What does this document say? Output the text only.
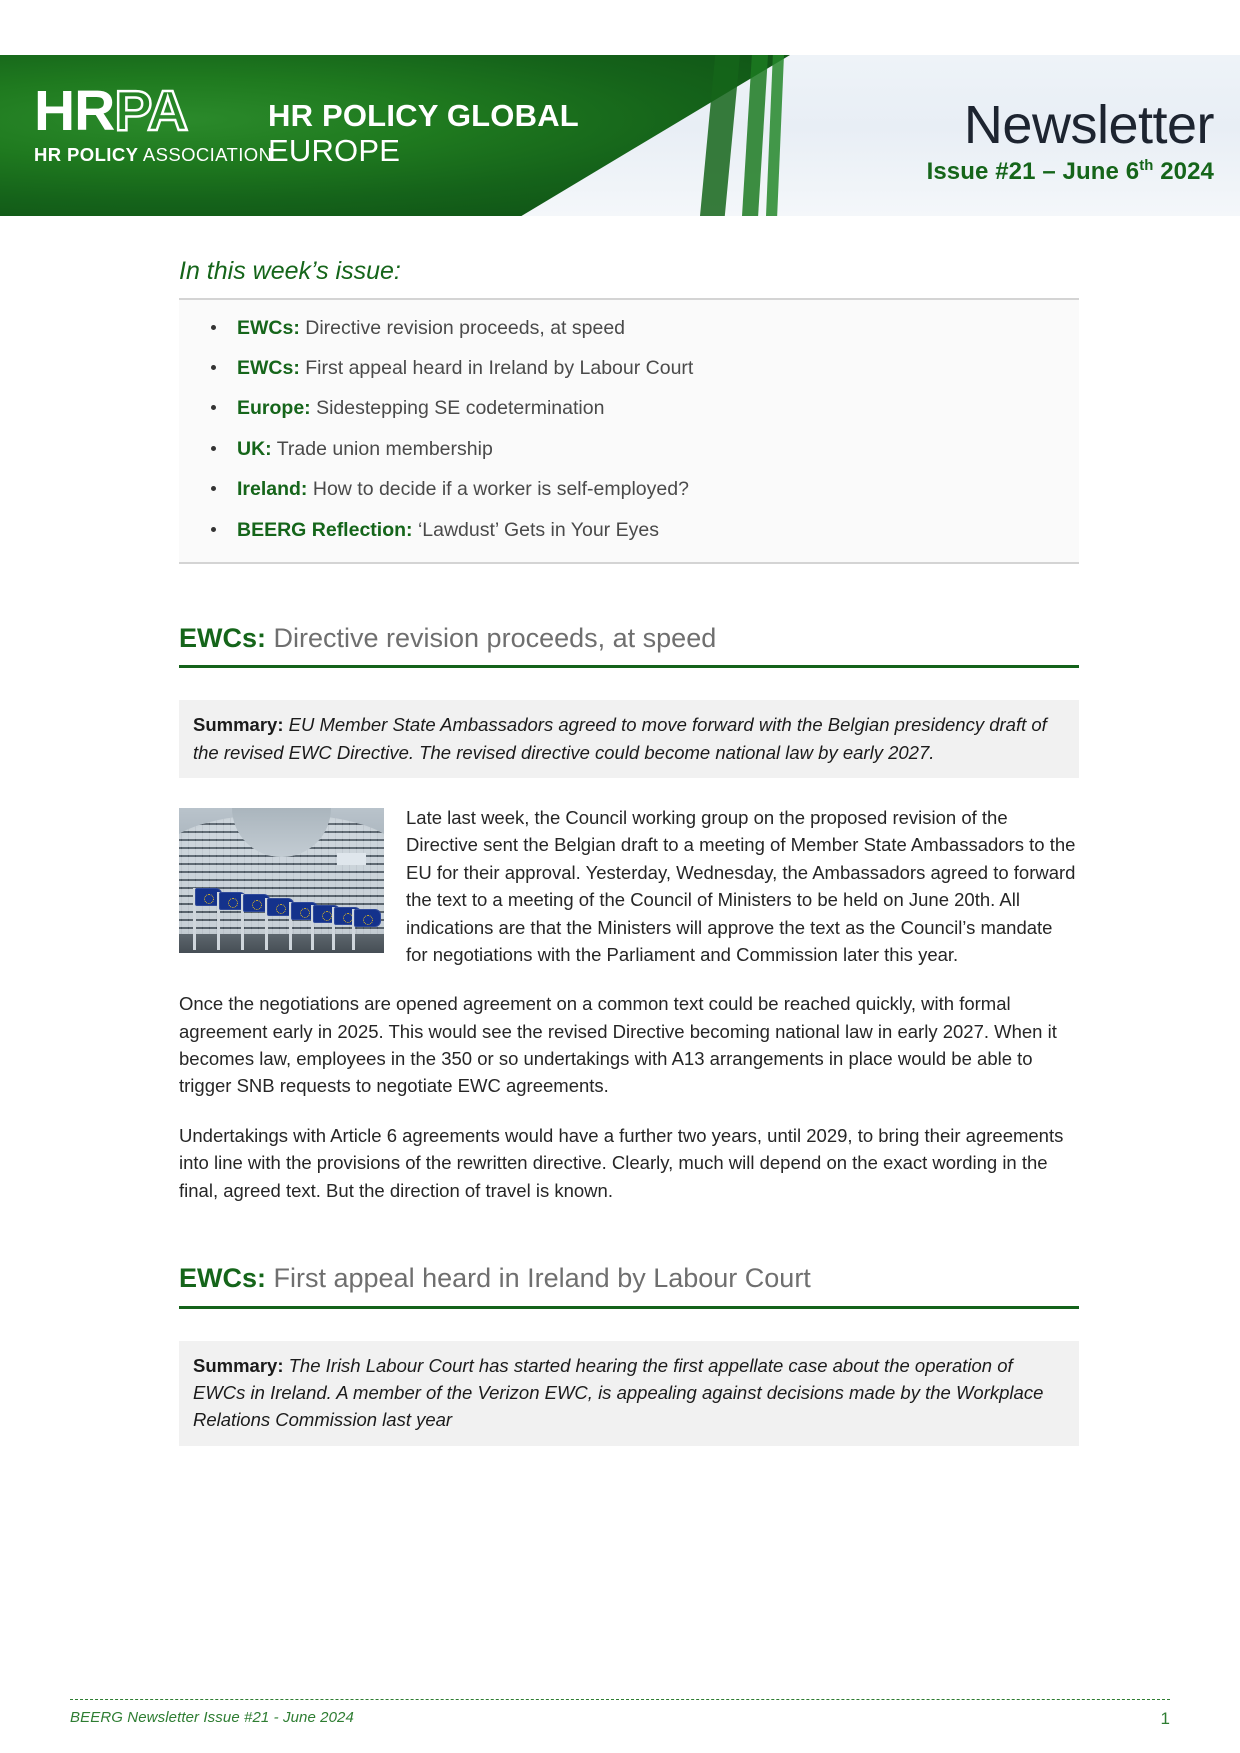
HRPA
HR POLICY ASSOCIATION
HR POLICY GLOBAL
EUROPE	Newsletter
Issue #21 – June 6th 2024
In this week’s issue:
EWCs: Directive revision proceeds, at speed
EWCs: First appeal heard in Ireland by Labour Court
Europe: Sidestepping SE codetermination
UK: Trade union membership
Ireland: How to decide if a worker is self-employed?
BEERG Reflection: ‘Lawdust’ Gets in Your Eyes
EWCs: Directive revision proceeds, at speed
Summary: EU Member State Ambassadors agreed to move forward with the Belgian presidency draft of the revised EWC Directive. The revised directive could become national law by early 2027.

Late last week, the Council working group on the proposed revision of the Directive sent the Belgian draft to a meeting of Member State Ambassadors to the EU for their approval. Yesterday, Wednesday, the Ambassadors agreed to forward the text to a meeting of the Council of Ministers to be held on June 20th. All indications are that the Ministers will approve the text as the Council’s mandate for negotiations with the Parliament and Commission later this year.

Once the negotiations are opened agreement on a common text could be reached quickly, with formal agreement early in 2025. This would see the revised Directive becoming national law in early 2027. When it becomes law, employees in the 350 or so undertakings with A13 arrangements in place would be able to trigger SNB requests to negotiate EWC agreements.

Undertakings with Article 6 agreements would have a further two years, until 2029, to bring their agreements into line with the provisions of the rewritten directive. Clearly, much will depend on the exact wording in the final, agreed text. But the direction of travel is known.

EWCs: First appeal heard in Ireland by Labour Court
Summary: The Irish Labour Court has started hearing the first appellate case about the operation of EWCs in Ireland. A member of the Verizon EWC, is appealing against decisions made by the Workplace Relations Commission last year
BEERG Newsletter Issue #21 - June 2024	1
